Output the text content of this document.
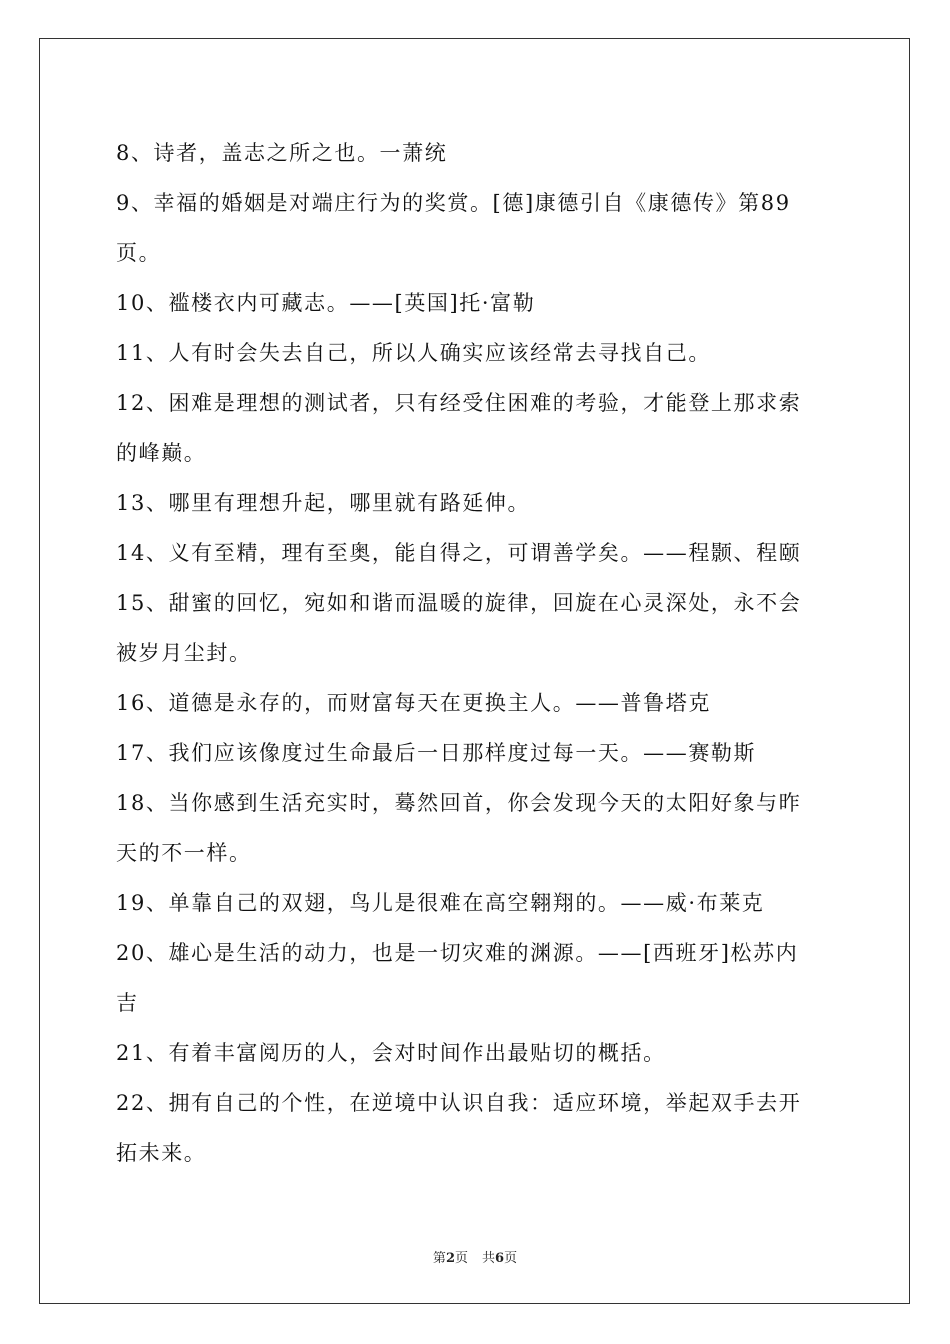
8、诗者，盖志之所之也。一萧统
9、幸福的婚姻是对端庄行为的奖赏。[德]康德引自《康德传》第89
页。
10、褴楼衣内可藏志。——[英国]托·富勒
11、人有时会失去自己，所以人确实应该经常去寻找自己。
12、困难是理想的测试者，只有经受住困难的考验，才能登上那求索
的峰巅。
13、哪里有理想升起，哪里就有路延伸。
14、义有至精，理有至奥，能自得之，可谓善学矣。——程颢、程颐
15、甜蜜的回忆，宛如和谐而温暖的旋律，回旋在心灵深处，永不会
被岁月尘封。
16、道德是永存的，而财富每天在更换主人。——普鲁塔克
17、我们应该像度过生命最后一日那样度过每一天。——赛勒斯
18、当你感到生活充实时，蓦然回首，你会发现今天的太阳好象与昨
天的不一样。
19、单靠自己的双翅，鸟儿是很难在高空翱翔的。——威·布莱克
20、雄心是生活的动力，也是一切灾难的渊源。——[西班牙]松苏内
吉
21、有着丰富阅历的人，会对时间作出最贴切的概括。
22、拥有自己的个性，在逆境中认识自我：适应环境，举起双手去开
拓未来。
第2页 共6页
